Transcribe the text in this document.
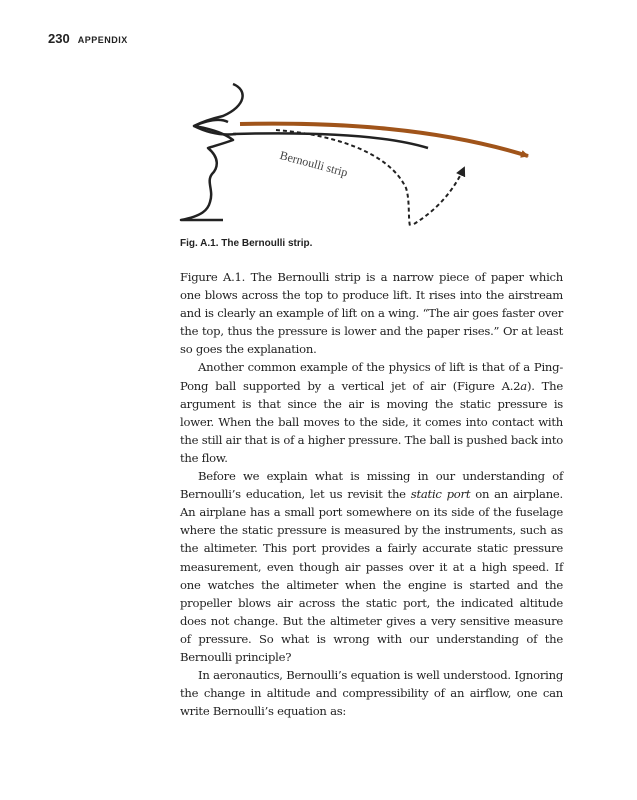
230 APPENDIX
Bernoulli strip
Fig. A.1. The Bernoulli strip.

Figure A.1. The Bernoulli strip is a narrow piece of paper which one blows across the top to produce lift. It rises into the airstream and is clearly an example of lift on a wing. “The air goes faster over the top, thus the pressure is lower and the paper rises.” Or at least so goes the explanation.

Another common example of the physics of lift is that of a Ping-Pong ball supported by a vertical jet of air (Figure A.2a). The argument is that since the air is moving the static pressure is lower. When the ball moves to the side, it comes into contact with the still air that is of a higher pressure. The ball is pushed back into the flow.

Before we explain what is missing in our understanding of Bernoulli’s education, let us revisit the static port on an airplane. An airplane has a small port somewhere on its side of the fuselage where the static pressure is measured by the instruments, such as the altimeter. This port provides a fairly accurate static pressure measurement, even though air passes over it at a high speed. If one watches the altimeter when the engine is started and the propeller blows air across the static port, the indicated altitude does not change. But the altimeter gives a very sensitive measure of pressure. So what is wrong with our understanding of the Bernoulli principle?

In aeronautics, Bernoulli’s equation is well understood. Ignoring the change in altitude and compressibility of an airflow, one can write Bernoulli’s equation as:
